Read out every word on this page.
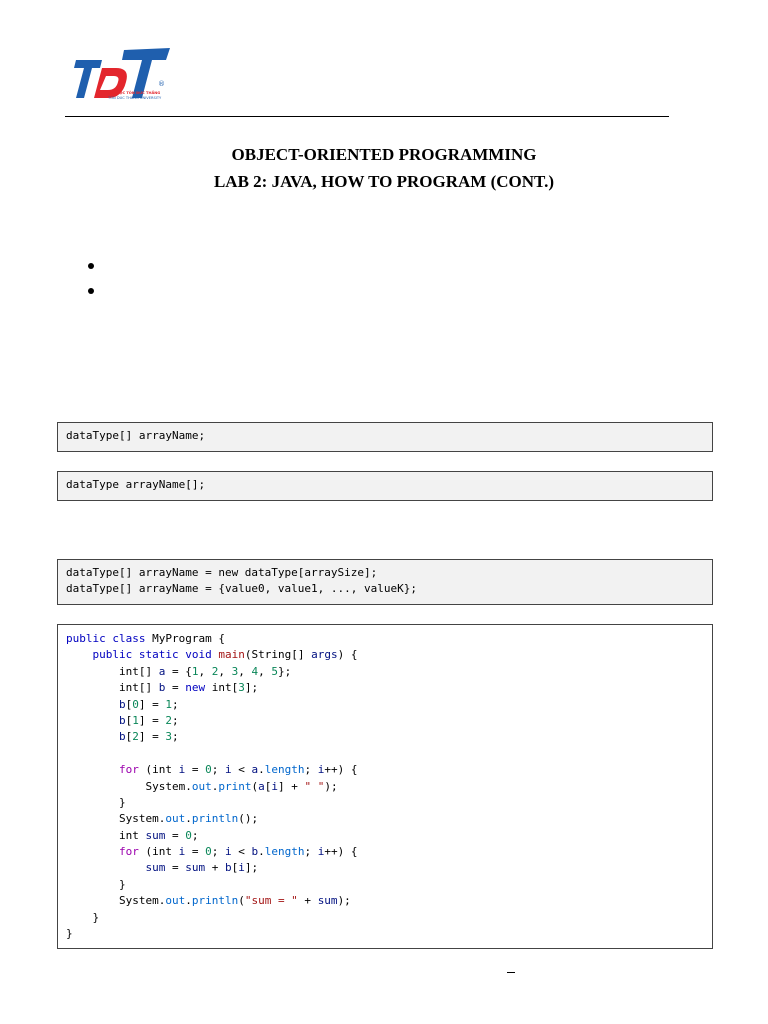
®
ĐẠI HỌC TÔN ĐỨC THẮNG
TON DUC THANG UNIVERSITY
OBJECT-ORIENTED PROGRAMMING
LAB 2: JAVA, HOW TO PROGRAM (CONT.)
dataType[] arrayName;
dataType arrayName[];
dataType[] arrayName = new dataType[arraySize];
dataType[] arrayName = {value0, value1, ..., valueK};
public class MyProgram {
public static void main(String[] args) {
int[] a = {1, 2, 3, 4, 5};
int[] b = new int[3];
b[0] = 1;
b[1] = 2;
b[2] = 3;

for (int i = 0; i < a.length; i++) {
System.out.print(a[i] + " ");
}
System.out.println();
int sum = 0;
for (int i = 0; i < b.length; i++) {
sum = sum + b[i];
}
System.out.println("sum = " + sum);
}
}
